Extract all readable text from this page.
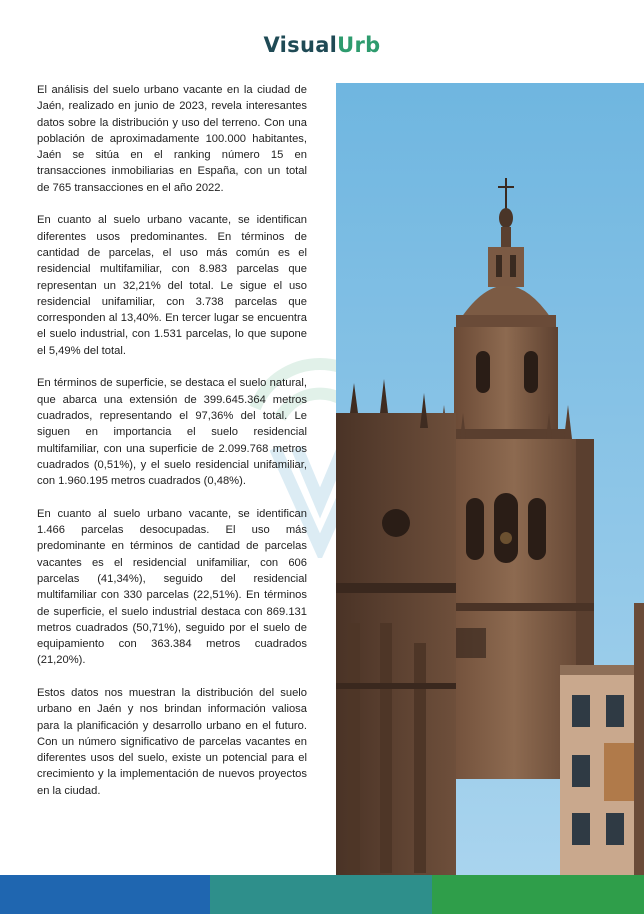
VisualUrb

El análisis del suelo urbano vacante en la ciudad de Jaén, realizado en junio de 2023, revela interesantes datos sobre la distribución y uso del terreno. Con una población de aproximadamente 100.000 habitantes, Jaén se sitúa en el ranking número 15 en transacciones inmobiliarias en España, con un total de 765 transacciones en el año 2022.

En cuanto al suelo urbano vacante, se identifican diferentes usos predominantes. En términos de cantidad de parcelas, el uso más común es el residencial multifamiliar, con 8.983 parcelas que representan un 32,21% del total. Le sigue el uso residencial unifamiliar, con 3.738 parcelas que corresponden al 13,40%. En tercer lugar se encuentra el suelo industrial, con 1.531 parcelas, lo que supone el 5,49% del total.

En términos de superficie, se destaca el suelo natural, que abarca una extensión de 399.645.364 metros cuadrados, representando el 97,36% del total. Le siguen en importancia el suelo residencial multifamiliar, con una superficie de 2.099.768 metros cuadrados (0,51%), y el suelo residencial unifamiliar, con 1.960.195 metros cuadrados (0,48%).

En cuanto al suelo urbano vacante, se identifican 1.466 parcelas desocupadas. El uso más predominante en términos de cantidad de parcelas vacantes es el residencial unifamiliar, con 606 parcelas (41,34%), seguido del residencial multifamiliar con 330 parcelas (22,51%). En términos de superficie, el suelo industrial destaca con 869.131 metros cuadrados (50,71%), seguido por el suelo de equipamiento con 363.384 metros cuadrados (21,20%).

Estos datos nos muestran la distribución del suelo urbano en Jaén y nos brindan información valiosa para la planificación y desarrollo urbano en el futuro. Con un número significativo de parcelas vacantes en diferentes usos del suelo, existe un potencial para el crecimiento y la implementación de nuevos proyectos en la ciudad.
